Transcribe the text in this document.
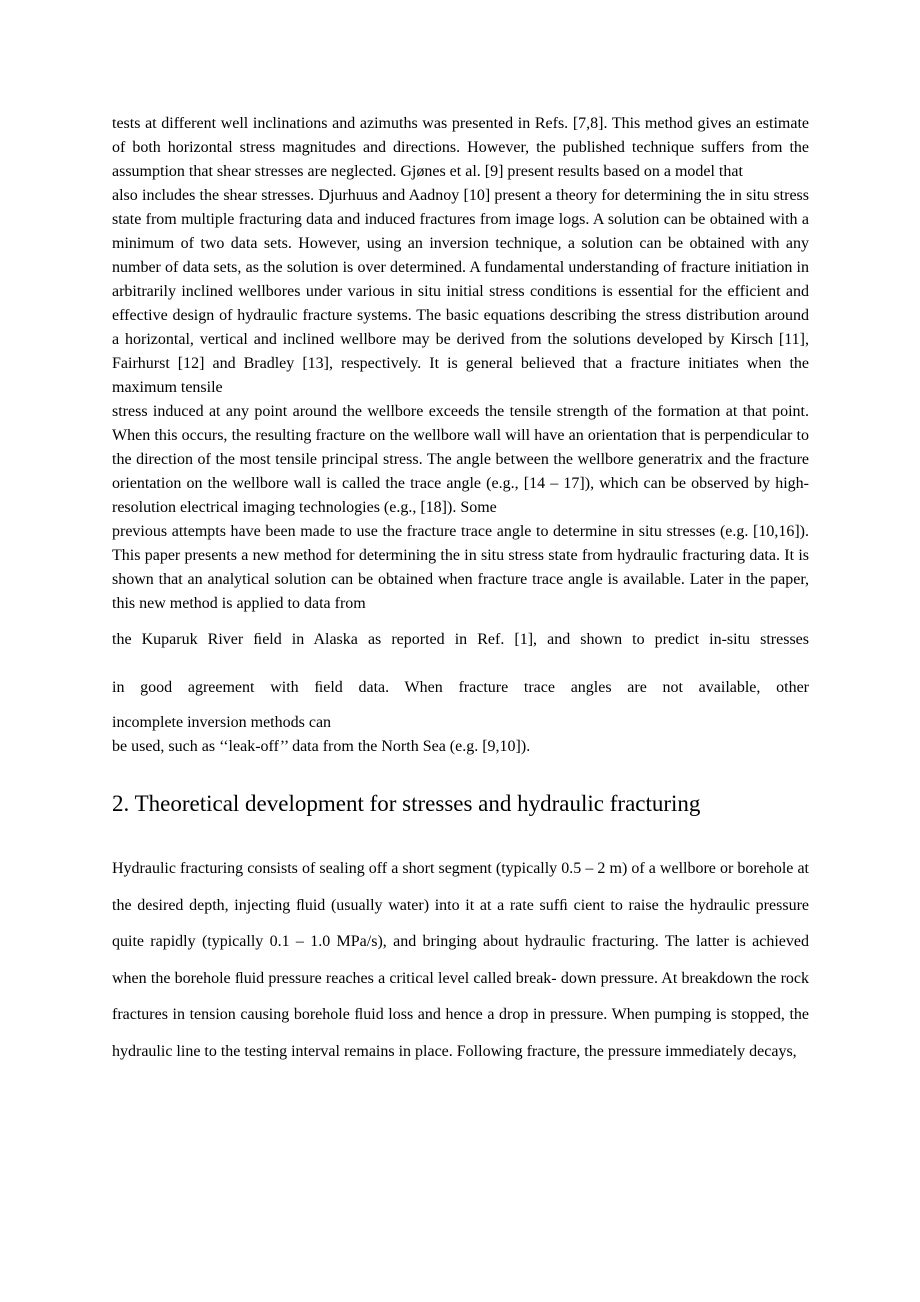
tests at different well inclinations and azimuths was presented in Refs. [7,8]. This method gives an estimate of both horizontal stress magnitudes and directions. However, the published technique suffers from the assumption that shear stresses are neglected. Gjønes et al. [9] present results based on a model that

also includes the shear stresses. Djurhuus and Aadnoy [10] present a theory for determining the in situ stress state from multiple fracturing data and induced fractures from image logs. A solution can be obtained with a minimum of two data sets. However, using an inversion technique, a solution can be obtained with any number of data sets, as the solution is over determined. A fundamental understanding of fracture initiation in arbitrarily inclined wellbores under various in situ initial stress conditions is essential for the efficient and effective design of hydraulic fracture systems. The basic equations describing the stress distribution around a horizontal, vertical and inclined wellbore may be derived from the solutions developed by Kirsch [11], Fairhurst [12] and Bradley [13], respectively. It is general believed that a fracture initiates when the maximum tensile

stress induced at any point around the wellbore exceeds the tensile strength of the formation at that point. When this occurs, the resulting fracture on the wellbore wall will have an orientation that is perpendicular to the direction of the most tensile principal stress. The angle between the wellbore generatrix and the fracture orientation on the wellbore wall is called the trace angle (e.g., [14 – 17]), which can be observed by high-resolution electrical imaging technologies (e.g., [18]). Some

previous attempts have been made to use the fracture trace angle to determine in situ stresses (e.g. [10,16]). This paper presents a new method for determining the in situ stress state from hydraulic fracturing data. It is shown that an analytical solution can be obtained when fracture trace angle is available. Later in the paper, this new method is applied to data from

the Kuparuk River ﬁeld in Alaska as reported in Ref. [1], and shown to predict in-situ stresses
in good agreement with ﬁeld data. When fracture trace angles are not available, other
incomplete inversion methods can

be used, such as ‘‘leak-off’’ data from the North Sea (e.g. [9,10]).

2. Theoretical development for stresses and hydraulic fracturing

Hydraulic fracturing consists of sealing off a short segment (typically 0.5 – 2 m) of a wellbore or borehole at the desired depth, injecting ﬂuid (usually water) into it at a rate sufﬁ cient to raise the hydraulic pressure quite rapidly (typically 0.1 – 1.0 MPa/s), and bringing about hydraulic fracturing. The latter is achieved when the borehole ﬂuid pressure reaches a critical level called break- down pressure. At breakdown the rock fractures in tension causing borehole ﬂuid loss and hence a drop in pressure. When pumping is stopped, the hydraulic line to the testing interval remains in place. Following fracture, the pressure immediately decays,
